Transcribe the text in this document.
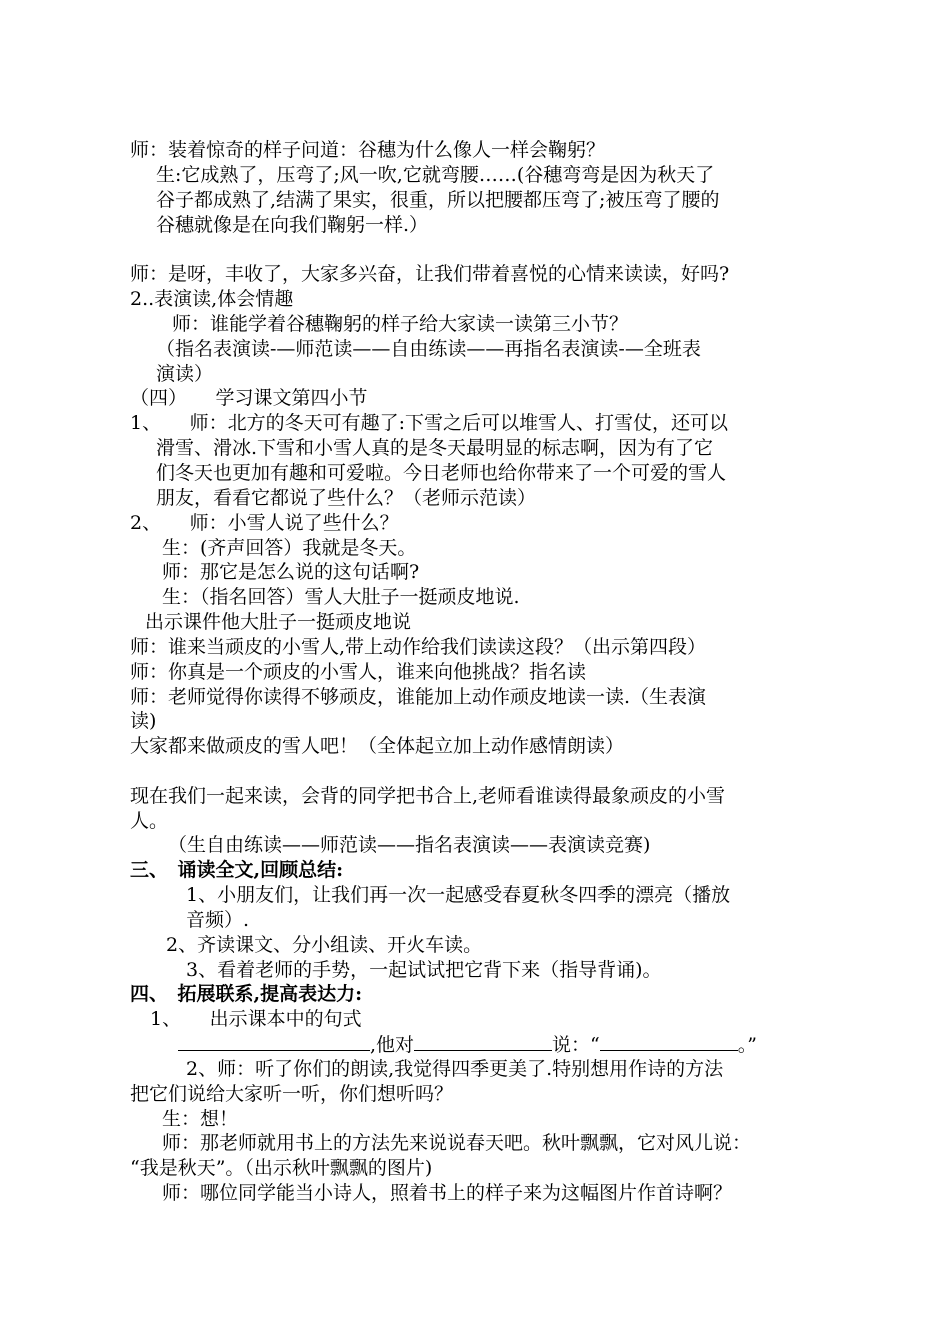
师：装着惊奇的样子问道：谷穗为什么像人一样会鞠躬？
生:它成熟了，压弯了;风一吹,它就弯腰……(谷穗弯弯是因为秋天了
谷子都成熟了,结满了果实，很重，所以把腰都压弯了;被压弯了腰的
谷穗就像是在向我们鞠躬一样.）
师：是呀，丰收了，大家多兴奋，让我们带着喜悦的心情来读读，好吗?
2..表演读,体会情趣
师：谁能学着谷穗鞠躬的样子给大家读一读第三小节？
（指名表演读-—师范读——自由练读——再指名表演读-—全班表
演读）
（四）　　学习课文第四小节
1、　　师：北方的冬天可有趣了:下雪之后可以堆雪人、打雪仗，还可以
滑雪、滑冰.下雪和小雪人真的是冬天最明显的标志啊，因为有了它
们冬天也更加有趣和可爱啦。今日老师也给你带来了一个可爱的雪人
朋友，看看它都说了些什么？（老师示范读）
2、　　师：小雪人说了些什么？
生：(齐声回答）我就是冬天。
师：那它是怎么说的这句话啊?
生：（指名回答）雪人大肚子一挺顽皮地说.
出示课件他大肚子一挺顽皮地说
师：谁来当顽皮的小雪人,带上动作给我们读读这段？（出示第四段）
师：你真是一个顽皮的小雪人，谁来向他挑战？指名读
师：老师觉得你读得不够顽皮，谁能加上动作顽皮地读一读.（生表演
读)
大家都来做顽皮的雪人吧！（全体起立加上动作感情朗读）
现在我们一起来读，会背的同学把书合上,老师看谁读得最象顽皮的小雪
人。
（生自由练读——师范读——指名表演读——表演读竞赛)
三、　诵读全文,回顾总结:
1、小朋友们，让我们再一次一起感受春夏秋冬四季的漂亮（播放
音频）.
2、齐读课文、分小组读、开火车读。
3、看着老师的手势，一起试试把它背下来（指导背诵)。
四、　拓展联系,提高表达力:
1、　　出示课本中的句式
,他对	说：“	。”
2、师：听了你们的朗读,我觉得四季更美了.特别想用作诗的方法
把它们说给大家听一听，你们想听吗？
生：想！
师：那老师就用书上的方法先来说说春天吧。秋叶飘飘，它对风儿说：
“我是秋天”。（出示秋叶飘飘的图片)
师：哪位同学能当小诗人，照着书上的样子来为这幅图片作首诗啊？
